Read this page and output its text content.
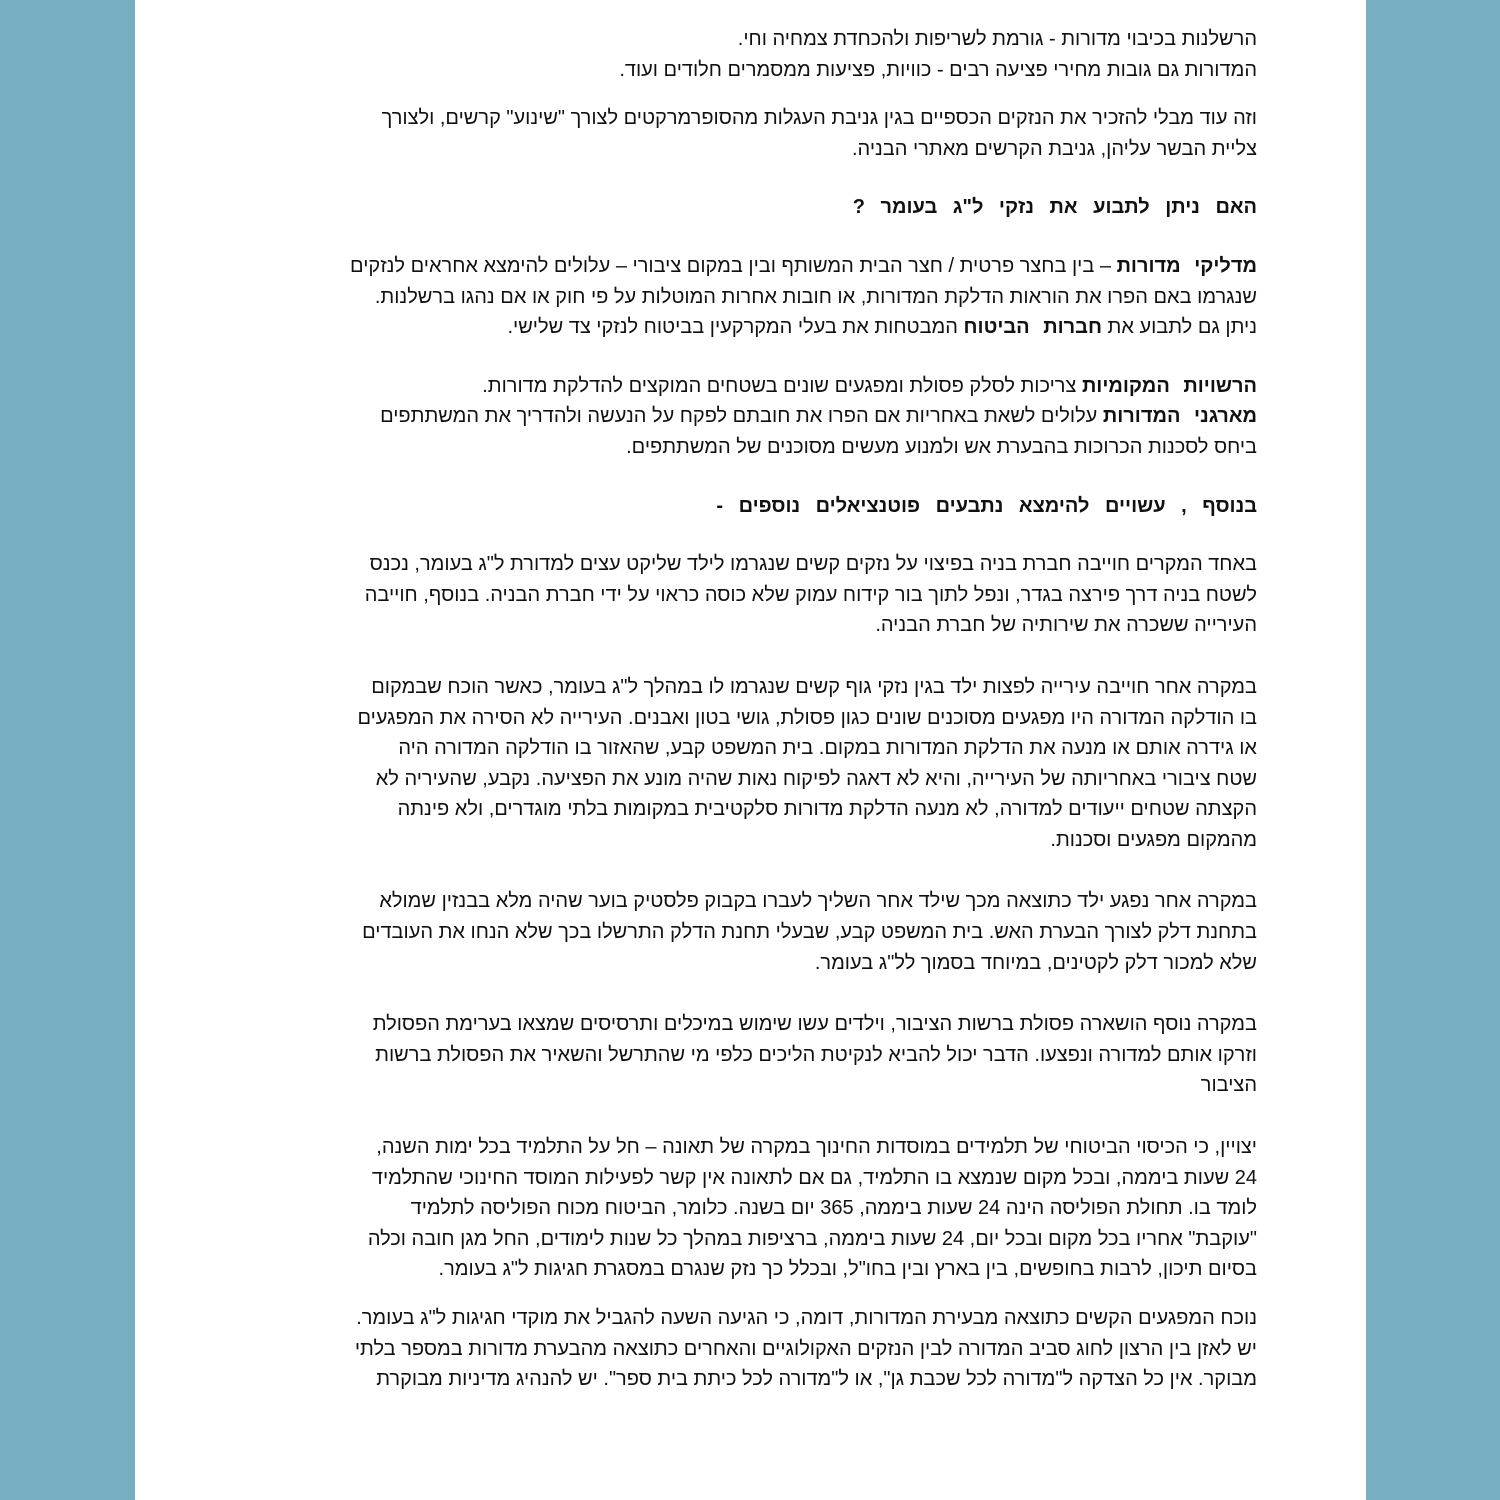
הרשלנות בכיבוי מדורות - גורמת לשריפות ולהכחדת צמחיה וחי.
המדורות גם גובות מחירי פציעה רבים - כוויות, פציעות ממסמרים חלודים ועוד.
וזה עוד מבלי להזכיר את הנזקים הכספיים בגין גניבת העגלות מהסופרמרקטים לצורך "שינוע" קרשים, ולצורך
צליית הבשר עליהן, גניבת הקרשים מאתרי הבניה.
האם ניתן לתבוע את נזקי ל"ג בעומר ?
מדליקי מדורות – בין בחצר פרטית / חצר הבית המשותף ובין במקום ציבורי – עלולים להימצא אחראים לנזקים
שנגרמו באם הפרו את הוראות הדלקת המדורות, או חובות אחרות המוטלות על פי חוק או אם נהגו ברשלנות.
ניתן גם לתבוע את חברות הביטוח המבטחות את בעלי המקרקעין בביטוח לנזקי צד שלישי.
הרשויות המקומיות צריכות לסלק פסולת ומפגעים שונים בשטחים המוקצים להדלקת מדורות.
מארגני המדורות עלולים לשאת באחריות אם הפרו את חובתם לפקח על הנעשה ולהדריך את המשתתפים
ביחס לסכנות הכרוכות בהבערת אש ולמנוע מעשים מסוכנים של המשתתפים.
בנוסף , עשויים להימצא נתבעים פוטנציאלים נוספים -
באחד המקרים חוייבה חברת בניה בפיצוי על נזקים קשים שנגרמו לילד שליקט עצים למדורת ל"ג בעומר, נכנס
לשטח בניה דרך פירצה בגדר, ונפל לתוך בור קידוח עמוק שלא כוסה כראוי על ידי חברת הבניה. בנוסף, חוייבה
העירייה ששכרה את שירותיה של חברת הבניה.
במקרה אחר חוייבה עירייה לפצות ילד בגין נזקי גוף קשים שנגרמו לו במהלך ל"ג בעומר, כאשר הוכח שבמקום
בו הודלקה המדורה היו מפגעים מסוכנים שונים כגון פסולת, גושי בטון ואבנים. העירייה לא הסירה את המפגעים
או גידרה אותם או מנעה את הדלקת המדורות במקום. בית המשפט קבע, שהאזור בו הודלקה המדורה היה
שטח ציבורי באחריותה של העירייה, והיא לא דאגה לפיקוח נאות שהיה מונע את הפציעה. נקבע, שהעיריה לא
הקצתה שטחים ייעודים למדורה, לא מנעה הדלקת מדורות סלקטיבית במקומות בלתי מוגדרים, ולא פינתה
מהמקום מפגעים וסכנות.
במקרה אחר נפגע ילד כתוצאה מכך שילד אחר השליך לעברו בקבוק פלסטיק בוער שהיה מלא בבנזין שמולא
בתחנת דלק לצורך הבערת האש. בית המשפט קבע, שבעלי תחנת הדלק התרשלו בכך שלא הנחו את העובדים
שלא למכור דלק לקטינים, במיוחד בסמוך לל"ג בעומר.
במקרה נוסף הושארה פסולת ברשות הציבור, וילדים עשו שימוש במיכלים ותרסיסים שמצאו בערימת הפסולת
וזרקו אותם למדורה ונפצעו. הדבר יכול להביא לנקיטת הליכים כלפי מי שהתרשל והשאיר את הפסולת ברשות
הציבור
יצויין, כי הכיסוי הביטוחי של תלמידים במוסדות החינוך במקרה של תאונה – חל על התלמיד בכל ימות השנה,
24 שעות ביממה, ובכל מקום שנמצא בו התלמיד, גם אם לתאונה אין קשר לפעילות המוסד החינוכי שהתלמיד
לומד בו. תחולת הפוליסה הינה 24 שעות ביממה, 365 יום בשנה. כלומר, הביטוח מכוח הפוליסה לתלמיד
"עוקבת" אחריו בכל מקום ובכל יום, 24 שעות ביממה, ברציפות במהלך כל שנות לימודים, החל מגן חובה וכלה
בסיום תיכון, לרבות בחופשים, בין בארץ ובין בחו"ל, ובכלל כך נזק שנגרם במסגרת חגיגות ל"ג בעומר.
נוכח המפגעים הקשים כתוצאה מבעירת המדורות, דומה, כי הגיעה השעה להגביל את מוקדי חגיגות ל"ג בעומר.
יש לאזן בין הרצון לחוג סביב המדורה לבין הנזקים האקולוגיים והאחרים כתוצאה מהבערת מדורות במספר בלתי
מבוקר. אין כל הצדקה ל"מדורה לכל שכבת גן", או ל"מדורה לכל כיתת בית ספר". יש להנהיג מדיניות מבוקרת
